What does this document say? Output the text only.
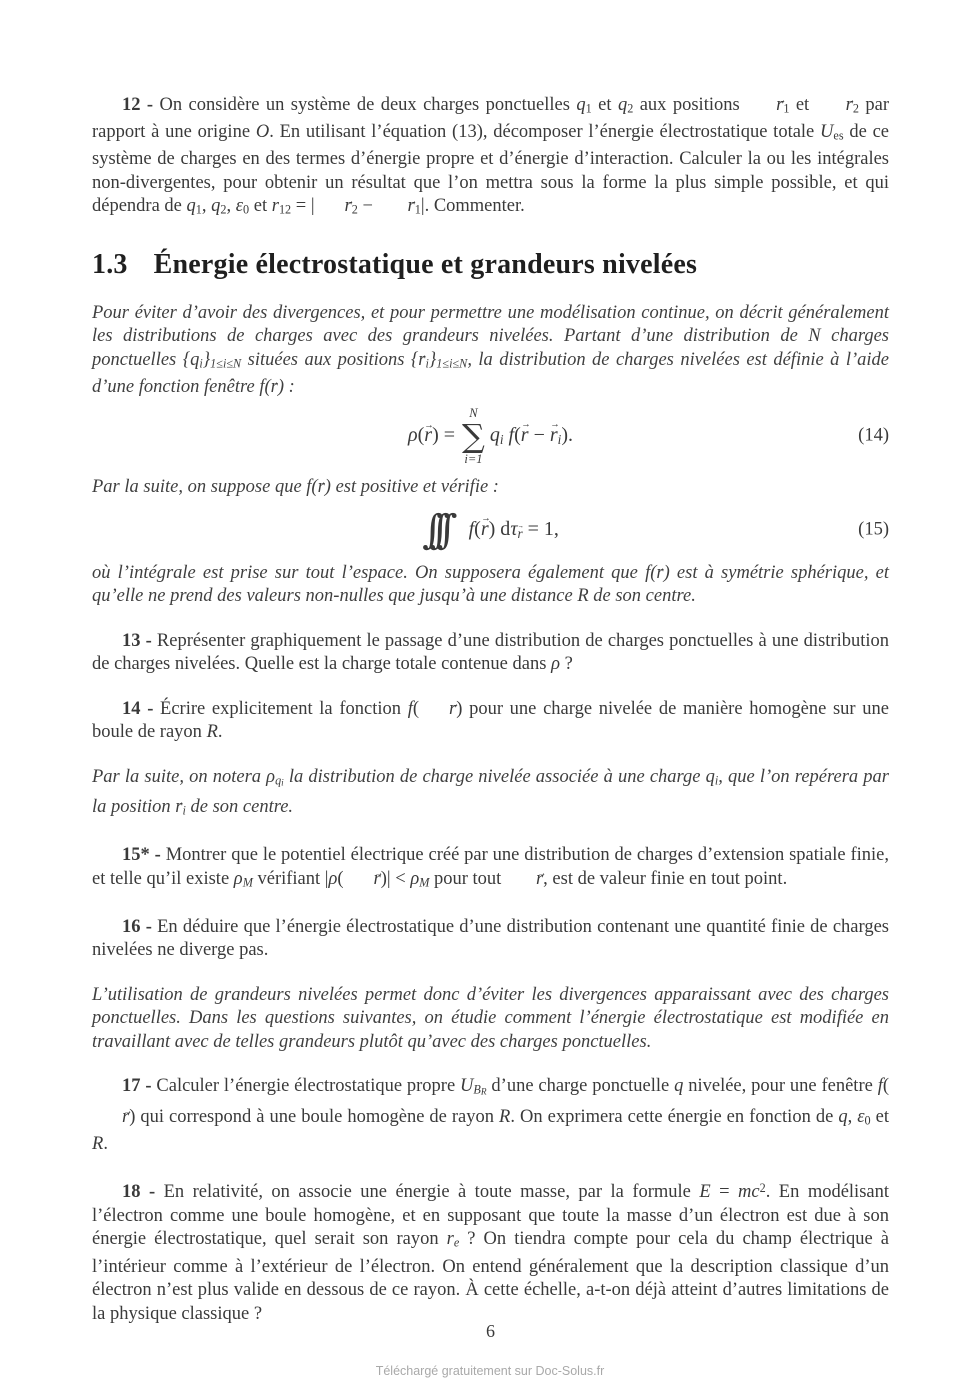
12 - On considère un système de deux charges ponctuelles q1 et q2 aux positions r →1 et r →2 par rapport à une origine O. En utilisant l’équation (13), décomposer l’énergie électrostatique totale Ues de ce système de charges en des termes d’énergie propre et d’énergie d’interaction. Calculer la ou les intégrales non-divergentes, pour obtenir un résultat que l’on mettra sous la forme la plus simple possible, et qui dépendra de q1, q2, ε0 et r12 = | r →2 − r →1|. Commenter.

1.3 Énergie électrostatique et grandeurs nivelées

Pour éviter d’avoir des divergences, et pour permettre une modélisation continue, on décrit généralement les distributions de charges avec des grandeurs nivelées. Partant d’une distribution de N charges ponctuelles {qi}1≤i≤N situées aux positions {r →i}1≤i≤N, la distribution de charges nivelées est définie à l’aide d’une fonction fenêtre f(r →) :

ρ(r →) =
N
∑
i=1
qi f(r → − r →i).	(14)

Par la suite, on suppose que f(r →) est positive et vérifie :

∫∫∫	f(r →) dτr → = 1,	(15)

où l’intégrale est prise sur tout l’espace. On supposera également que f(r →) est à symétrie sphérique, et qu’elle ne prend des valeurs non-nulles que jusqu’à une distance R de son centre.

13 - Représenter graphiquement le passage d’une distribution de charges ponctuelles à une distribution de charges nivelées. Quelle est la charge totale contenue dans ρ ?

14 - Écrire explicitement la fonction f( r →) pour une charge nivelée de manière homogène sur une boule de rayon R.

Par la suite, on notera $\rho q_i$ la distribution de charge nivelée associée à une charge qi, que l’on repérera par la position r →i de son centre.

15* - Montrer que le potentiel électrique créé par une distribution de charges d’extension spatiale finie, et telle qu’il existe ρM vérifiant |ρ( r →)| < ρM pour tout r →, est de valeur finie en tout point.

16 - En déduire que l’énergie électrostatique d’une distribution contenant une quantité finie de charges nivelées ne diverge pas.

L’utilisation de grandeurs nivelées permet donc d’éviter les divergences apparaissant avec des charges ponctuelles. Dans les questions suivantes, on étudie comment l’énergie électrostatique est modifiée en travaillant avec de telles grandeurs plutôt qu’avec des charges ponctuelles.

17 - Calculer l’énergie électrostatique propre $UB_R$ d’une charge ponctuelle q nivelée, pour une fenêtre f(r →) qui correspond à une boule homogène de rayon R. On exprimera cette énergie en fonction de q, ε0 et R.

18 - En relativité, on associe une énergie à toute masse, par la formule $E = mc^2$. En modélisant l’électron comme une boule homogène, et en supposant que toute la masse d’un électron est due à son énergie électrostatique, quel serait son rayon re ? On tiendra compte pour cela du champ électrique à l’intérieur comme à l’extérieur de l’électron. On entend généralement que la description classique d’un électron n’est plus valide en dessous de ce rayon. À cette échelle, a-t-on déjà atteint d’autres limitations de la physique classique ?

6
Téléchargé gratuitement sur Doc-Solus.fr
